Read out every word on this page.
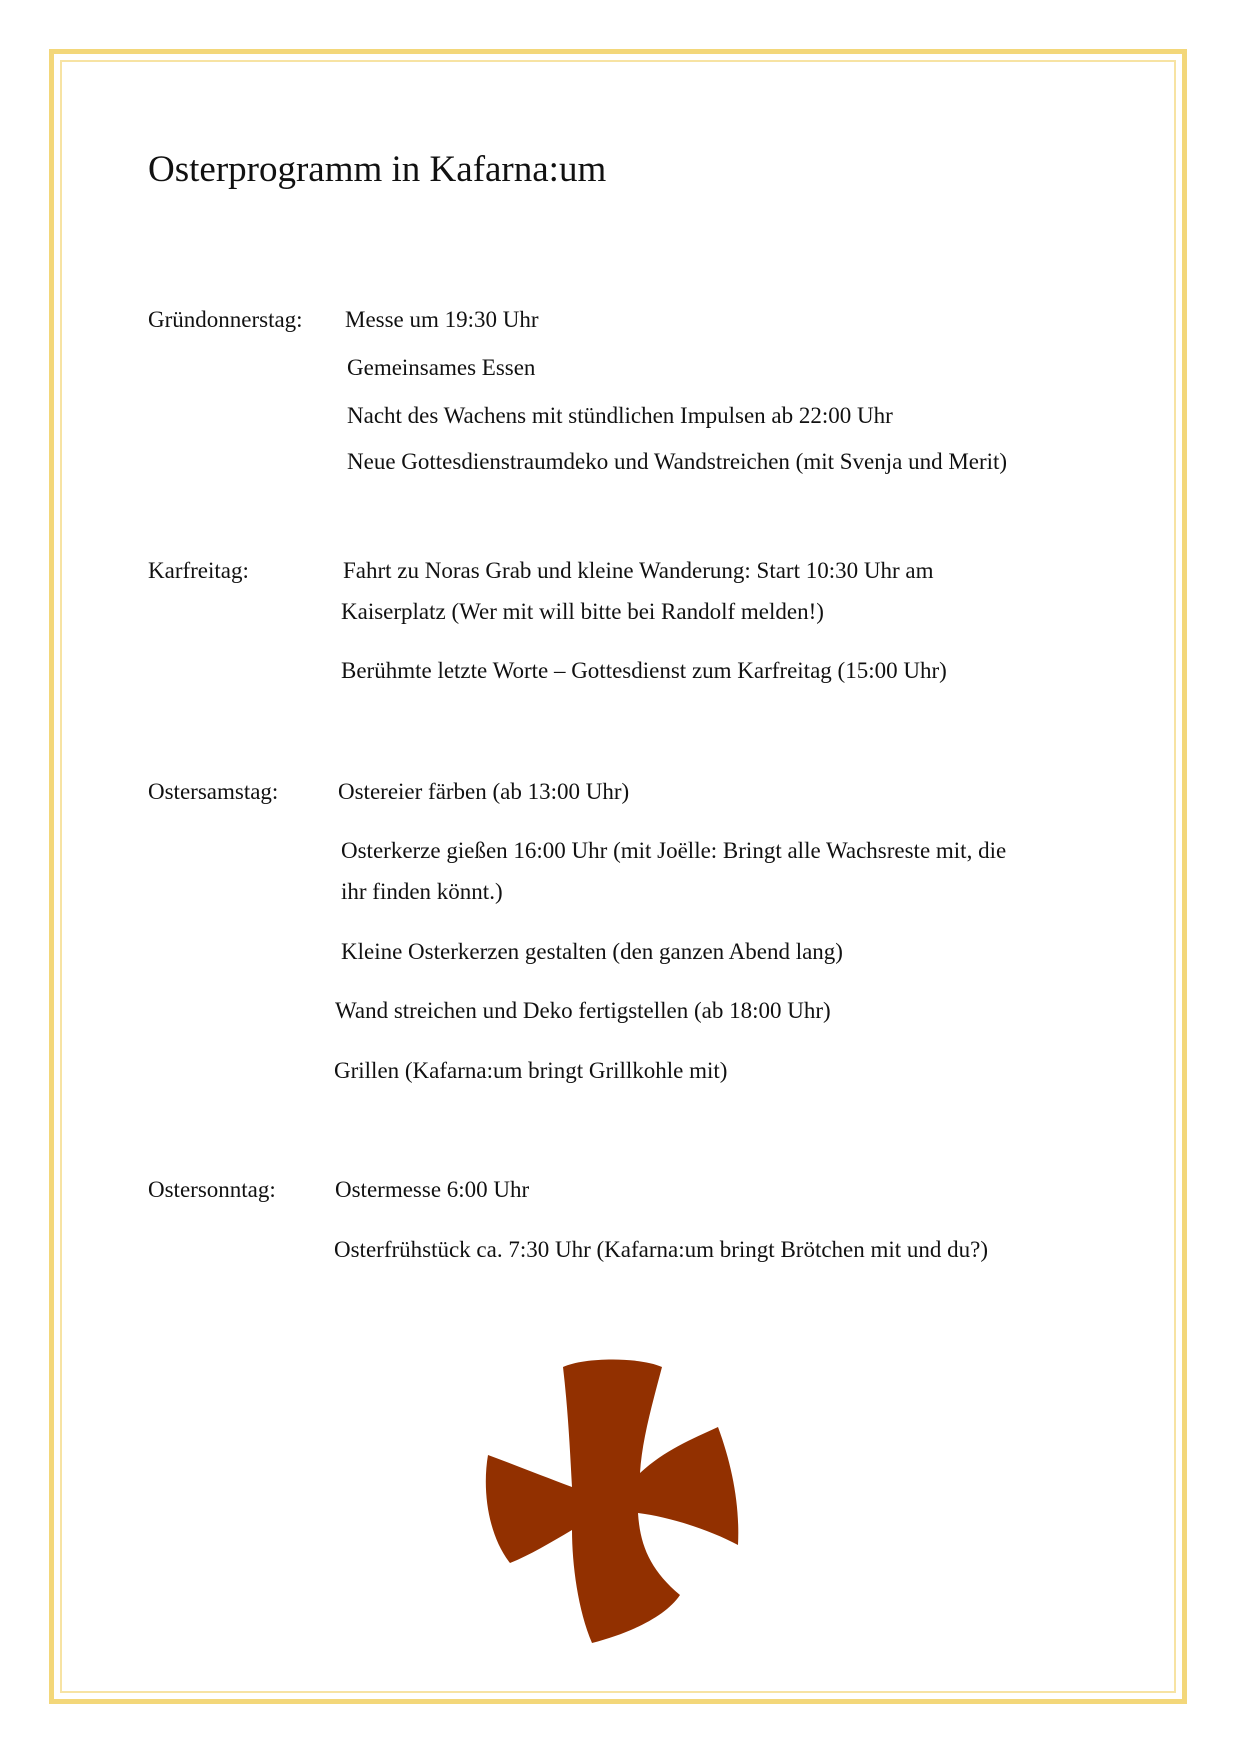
Osterprogramm in Kafarna:um
Gründonnerstag: Messe um 19:30 Uhr
Gemeinsames Essen
Nacht des Wachens mit stündlichen Impulsen ab 22:00 Uhr
Neue Gottesdienstraumdeko und Wandstreichen (mit Svenja und Merit)
Karfreitag:	Fahrt zu Noras Grab und kleine Wanderung: Start 10:30 Uhr am
Kaiserplatz (Wer mit will bitte bei Randolf melden!)
Berühmte letzte Worte – Gottesdienst zum Karfreitag (15:00 Uhr)
Ostersamstag:	Ostereier färben (ab 13:00 Uhr)
Osterkerze gießen 16:00 Uhr (mit Joëlle: Bringt alle Wachsreste mit, die
ihr finden könnt.)
Kleine Osterkerzen gestalten (den ganzen Abend lang)
Wand streichen und Deko fertigstellen (ab 18:00 Uhr)
Grillen (Kafarna:um bringt Grillkohle mit)
Ostersonntag:	Ostermesse 6:00 Uhr
Osterfrühstück ca. 7:30 Uhr (Kafarna:um bringt Brötchen mit und du?)
